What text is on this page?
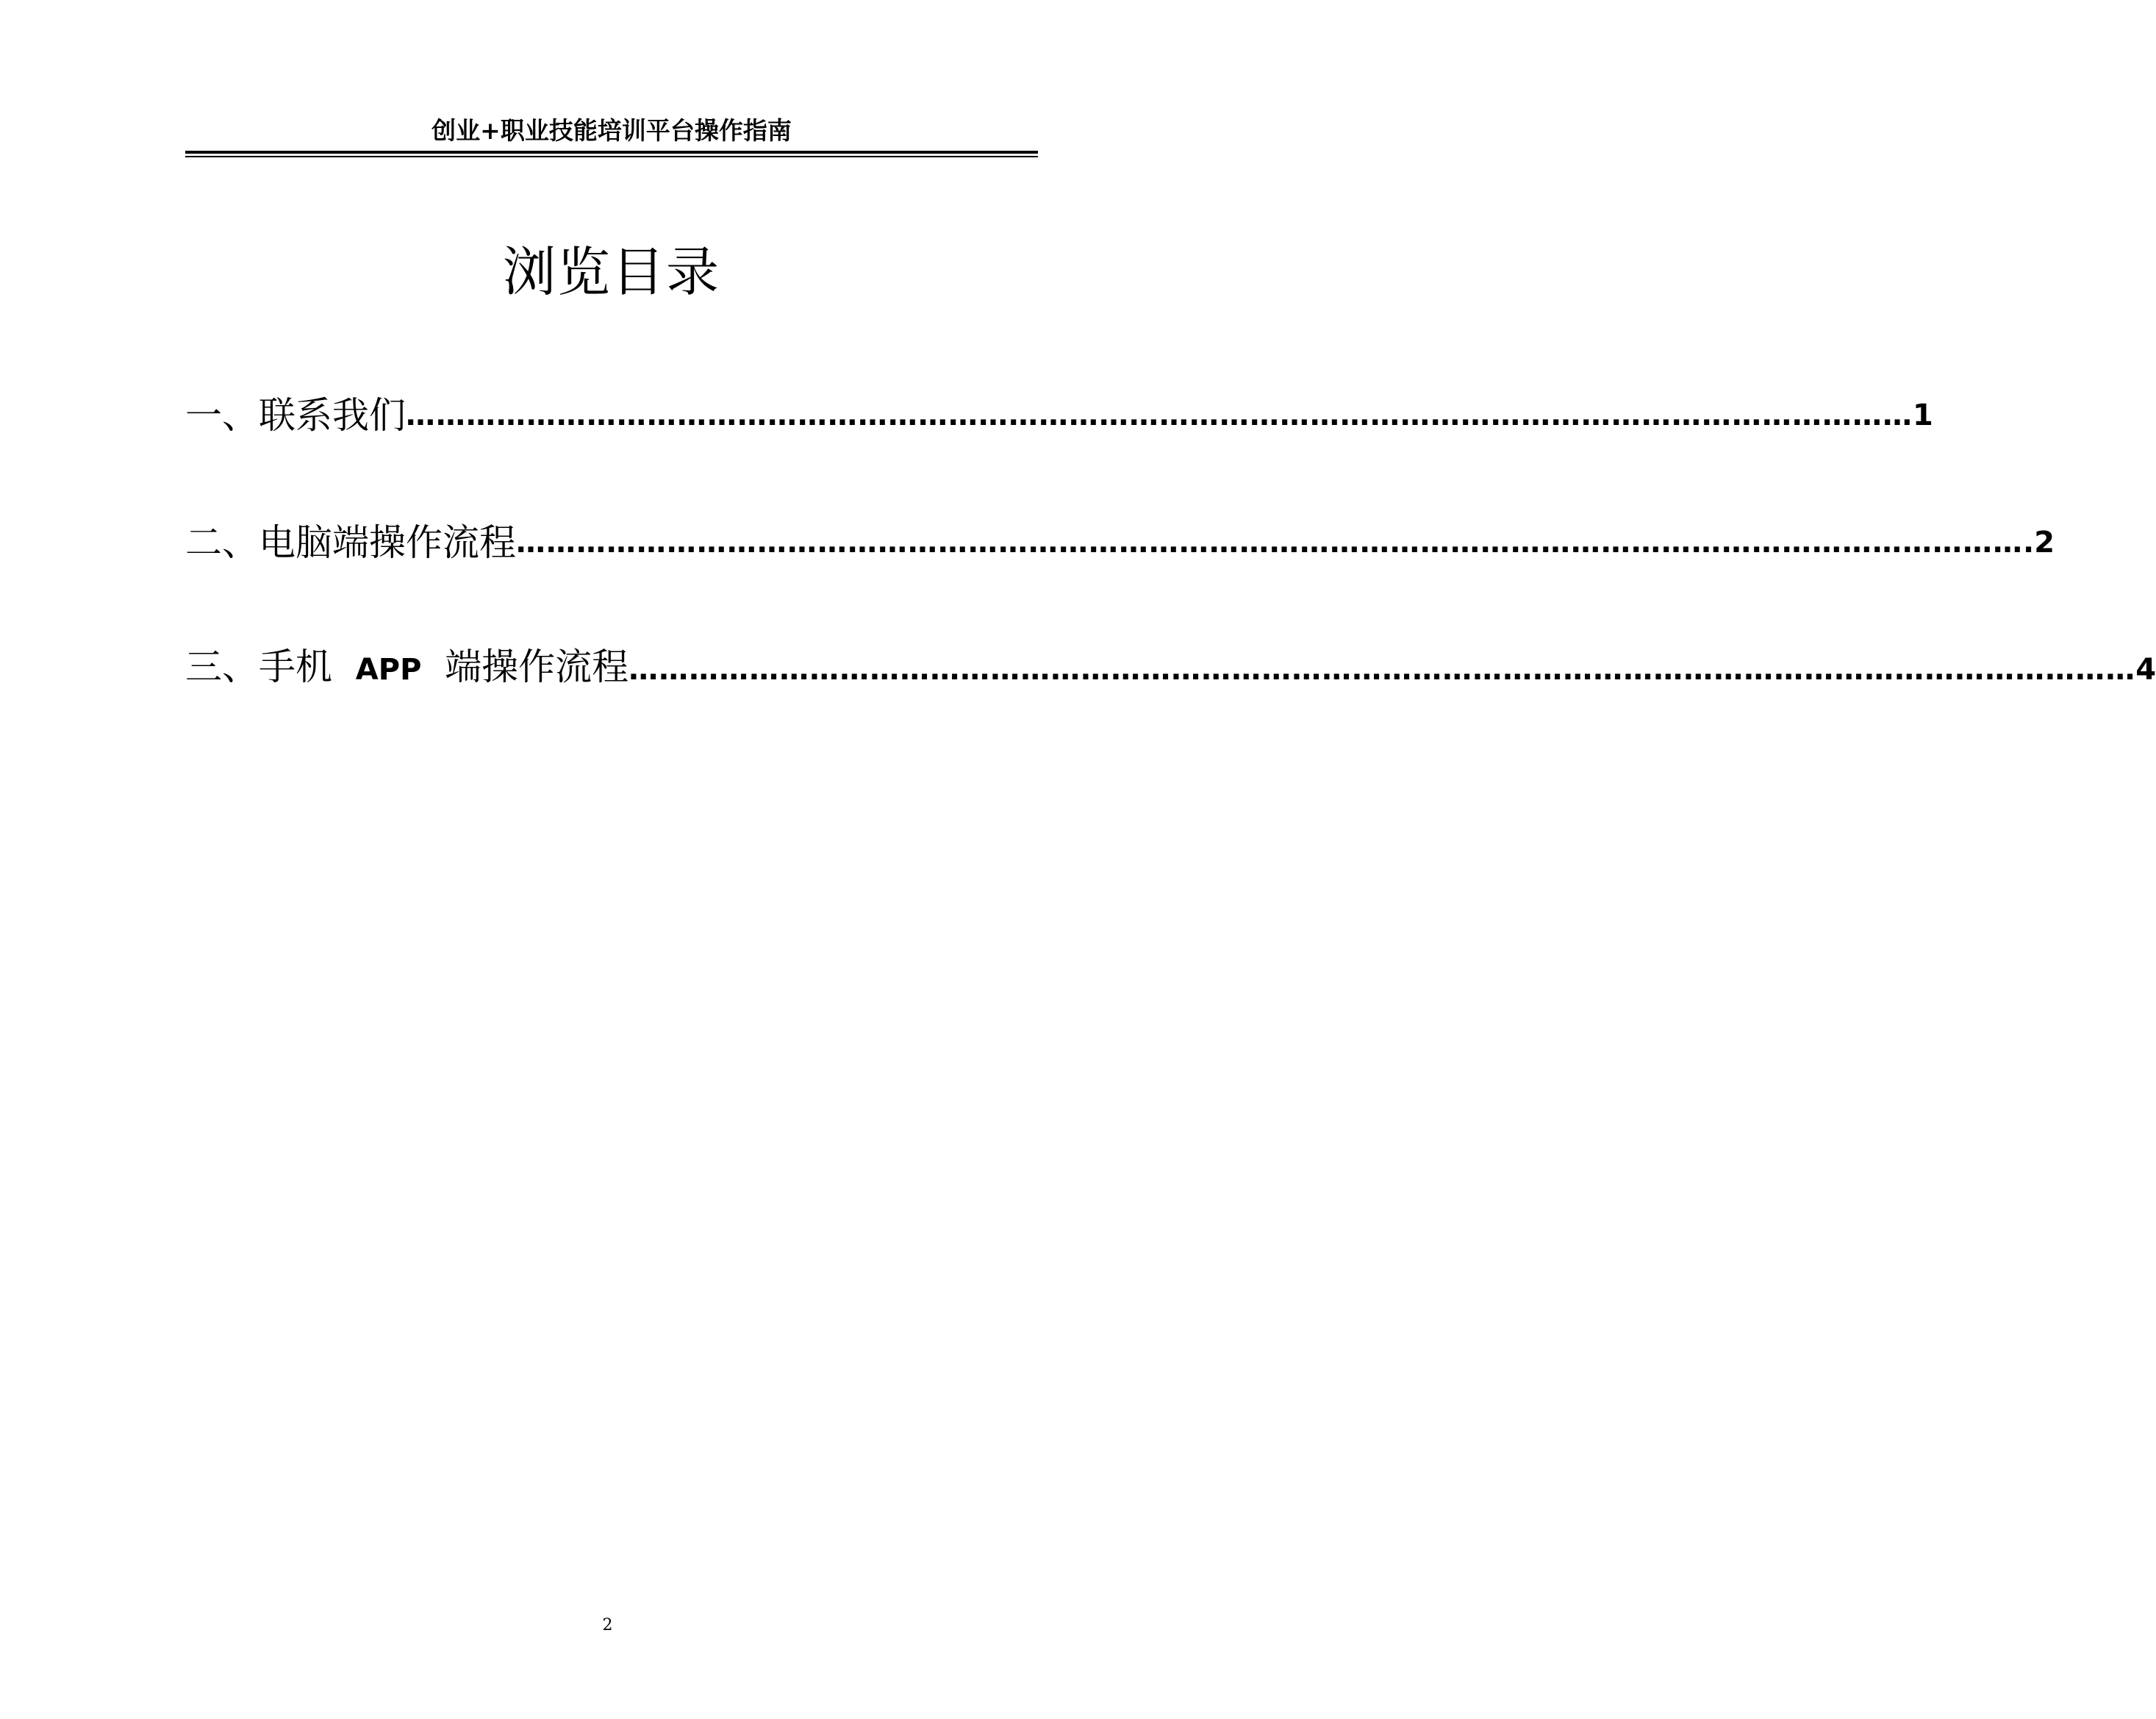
创业+职业技能培训平台操作指南
浏览目录
一、联系我们 …………………………………………………………………………………………………………………………………… 1
二、电脑端操作流程 …………………………………………………………………………………………………………………………………… .2
三、手机  APP  端操作流程 …………………………………………………………………………………………………………………………………… 4
2
